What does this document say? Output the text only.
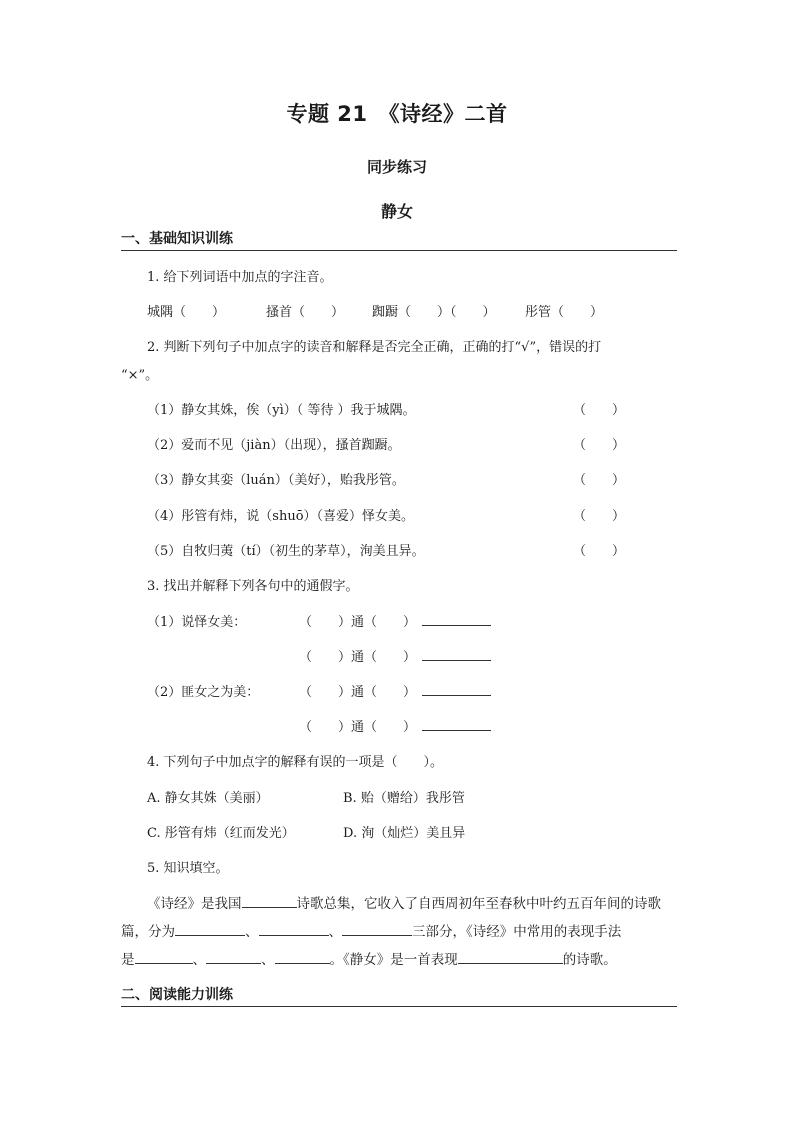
专题 21　《诗经》二首
同步练习
静女
一、基础知识训练
1. 给下列词语中加点的字注音。
城隅（　　）	搔首（　　） 踟蹰（　　）（　　） 彤管（　　）
2. 判断下列句子中加点字的读音和解释是否完全正确，正确的打“√”，错误的打
“×”。
（1）静女其姝，俟（yì）（ 等待 ）我于城隅。	（　　）
（2）爱而不见（jiàn）（出现），搔首踟蹰。	（　　）
（3）静女其娈（luán）（美好），贻我彤管。	（　　）
（4）彤管有炜，说（shuō）（喜爱）怿女美。	（　　）
（5）自牧归荑（tí）（初生的茅草），洵美且异。	（　　）
3. 找出并解释下列各句中的通假字。
（1）说怿女美：	（　　）通（　　）
（　　）通（　　）
（2）匪女之为美：	（　　）通（　　）
（　　）通（　　）
4. 下列句子中加点字的解释有误的一项是（　　）。
A. 静女其姝（美丽）	B. 贻（赠给）我彤管
C. 彤管有炜（红而发光）	D. 洵（灿烂）美且异
5. 知识填空。
《诗经》是我国	诗歌总集，它收入了自西周初年至春秋中叶约五百年间的诗歌
篇，分为	、	、	三部分，《诗经》中常用的表现手法
是	、	、	。《静女》是一首表现	的诗歌。
二、阅读能力训练
